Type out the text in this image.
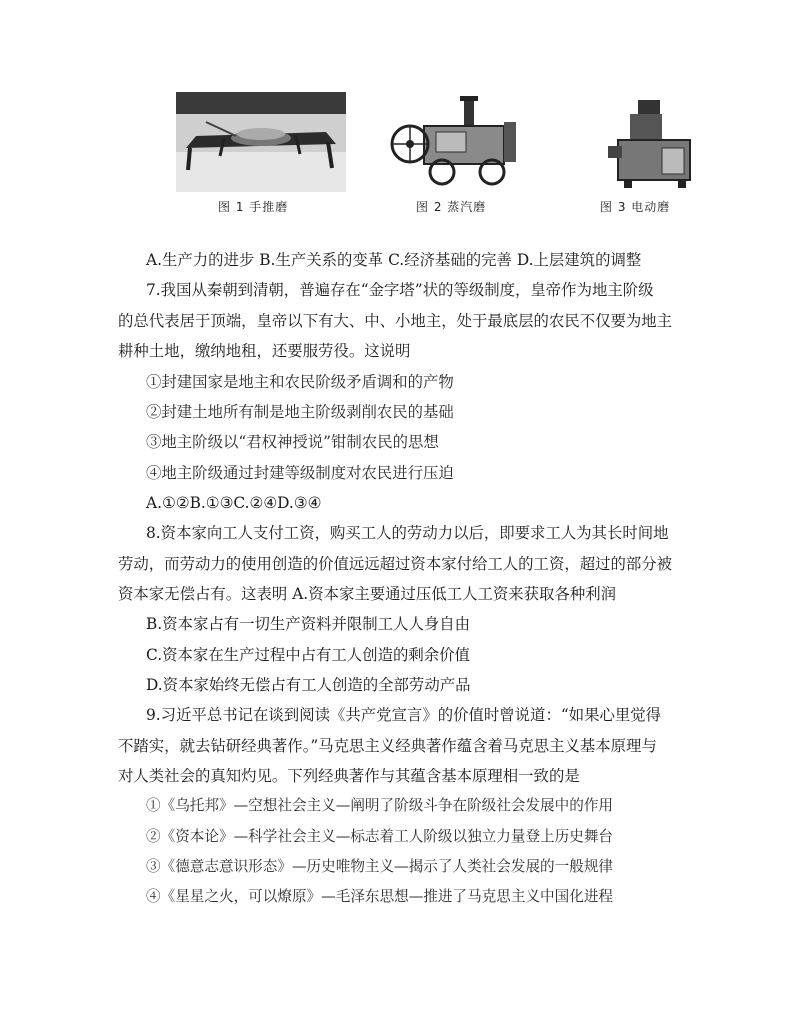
图 1 手推磨	图 2 蒸汽磨	图 3 电动磨
A.生产力的进步 B.生产关系的变革 C.经济基础的完善 D.上层建筑的调整
7.我国从秦朝到清朝，普遍存在“金字塔”状的等级制度，皇帝作为地主阶级
的总代表居于顶端，皇帝以下有大、中、小地主，处于最底层的农民不仅要为地主
耕种土地，缴纳地租，还要服劳役。这说明
①封建国家是地主和农民阶级矛盾调和的产物
②封建土地所有制是地主阶级剥削农民的基础
③地主阶级以“君权神授说”钳制农民的思想
④地主阶级通过封建等级制度对农民进行压迫
A.①②B.①③C.②④D.③④
8.资本家向工人支付工资，购买工人的劳动力以后，即要求工人为其长时间地
劳动，而劳动力的使用创造的价值远远超过资本家付给工人的工资，超过的部分被
资本家无偿占有。这表明 A.资本家主要通过压低工人工资来获取各种利润
B.资本家占有一切生产资料并限制工人人身自由
C.资本家在生产过程中占有工人创造的剩余价值
D.资本家始终无偿占有工人创造的全部劳动产品
9.习近平总书记在谈到阅读《共产党宣言》的价值时曾说道：“如果心里觉得
不踏实，就去钻研经典著作。”马克思主义经典著作蕴含着马克思主义基本原理与
对人类社会的真知灼见。下列经典著作与其蕴含基本原理相一致的是
①《乌托邦》—空想社会主义—阐明了阶级斗争在阶级社会发展中的作用
②《资本论》—科学社会主义—标志着工人阶级以独立力量登上历史舞台
③《德意志意识形态》—历史唯物主义—揭示了人类社会发展的一般规律
④《星星之火，可以燎原》—毛泽东思想—推进了马克思主义中国化进程
